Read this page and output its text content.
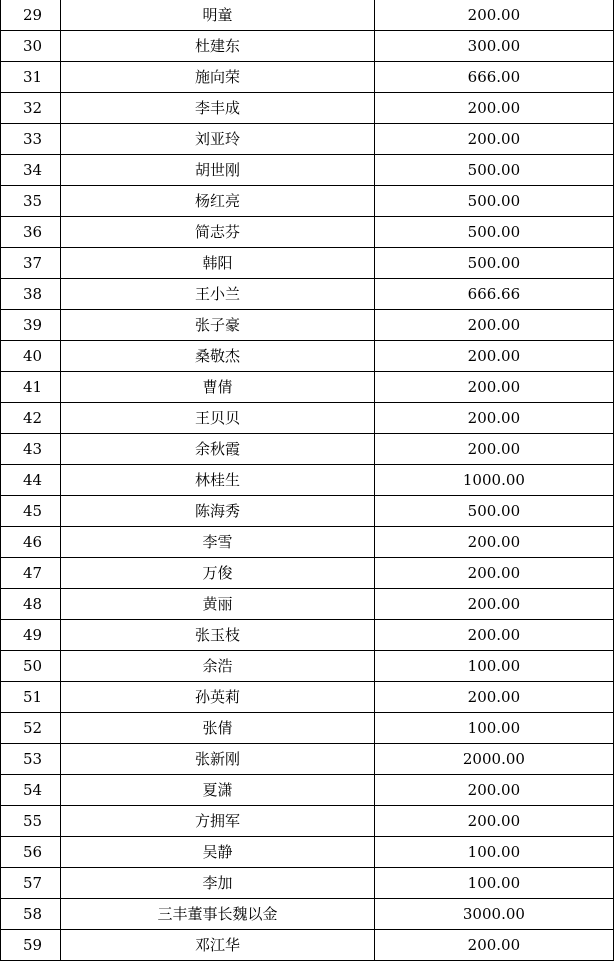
29	明童	200.00
30	杜建东	300.00
31	施向荣	666.00
32	李丰成	200.00
33	刘亚玲	200.00
34	胡世刚	500.00
35	杨红亮	500.00
36	简志芬	500.00
37	韩阳	500.00
38	王小兰	666.66
39	张子豪	200.00
40	桑敬杰	200.00
41	曹倩	200.00
42	王贝贝	200.00
43	余秋霞	200.00
44	林桂生	1000.00
45	陈海秀	500.00
46	李雪	200.00
47	万俊	200.00
48	黄丽	200.00
49	张玉枝	200.00
50	余浩	100.00
51	孙英莉	200.00
52	张倩	100.00
53	张新刚	2000.00
54	夏潇	200.00
55	方拥军	200.00
56	吴静	100.00
57	李加	100.00
58	三丰董事长魏以金	3000.00
59	邓江华	200.00
